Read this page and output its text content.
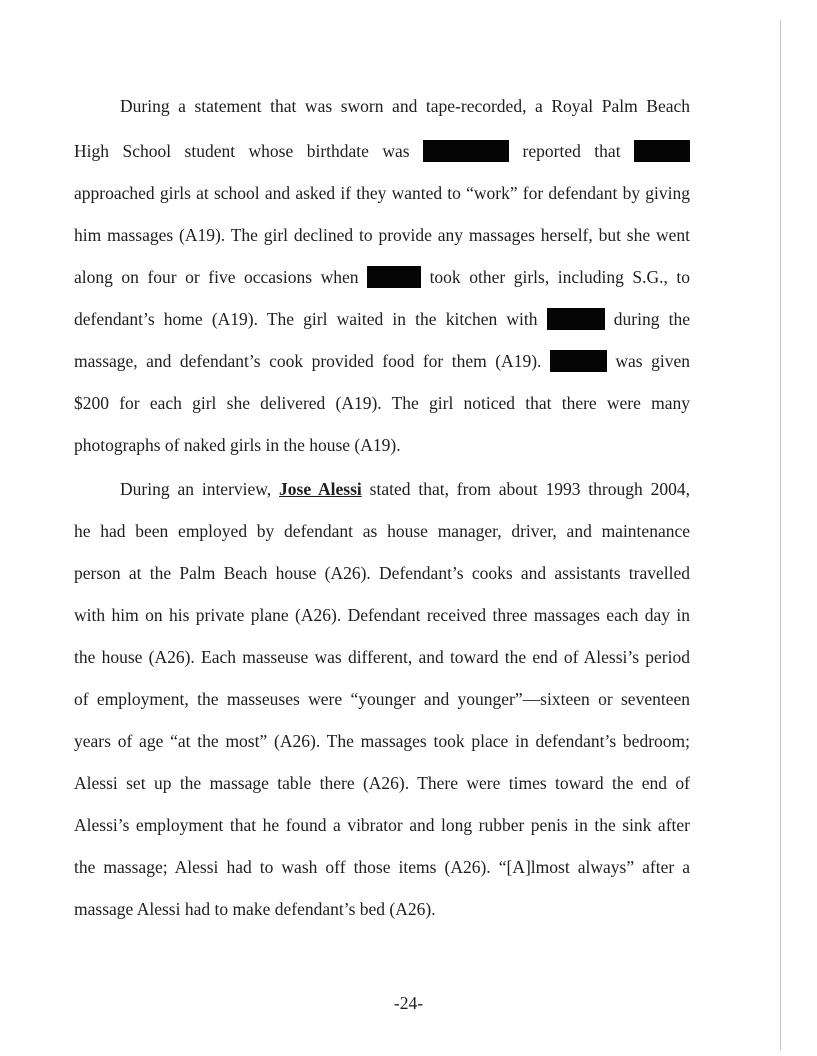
During a statement that was sworn and tape-recorded, a Royal Palm Beach
High School student whose birthdate was	reported that
approached girls at school and asked if they wanted to “work” for defendant by giving
him massages (A19). The girl declined to provide any massages herself, but she went
along on four or five occasions when	took other girls, including S.G., to
defendant’s home (A19). The girl waited in the kitchen with	during the
massage, and defendant’s cook provided food for them (A19).	was given
$200 for each girl she delivered (A19). The girl noticed that there were many
photographs of naked girls in the house (A19).
During an interview, Jose Alessi stated that, from about 1993 through 2004,
he had been employed by defendant as house manager, driver, and maintenance
person at the Palm Beach house (A26). Defendant’s cooks and assistants travelled
with him on his private plane (A26). Defendant received three massages each day in
the house (A26). Each masseuse was different, and toward the end of Alessi’s period
of employment, the masseuses were “younger and younger”—sixteen or seventeen
years of age “at the most” (A26). The massages took place in defendant’s bedroom;
Alessi set up the massage table there (A26). There were times toward the end of
Alessi’s employment that he found a vibrator and long rubber penis in the sink after
the massage; Alessi had to wash off those items (A26). “[A]lmost always” after a
massage Alessi had to make defendant’s bed (A26).
-24-
